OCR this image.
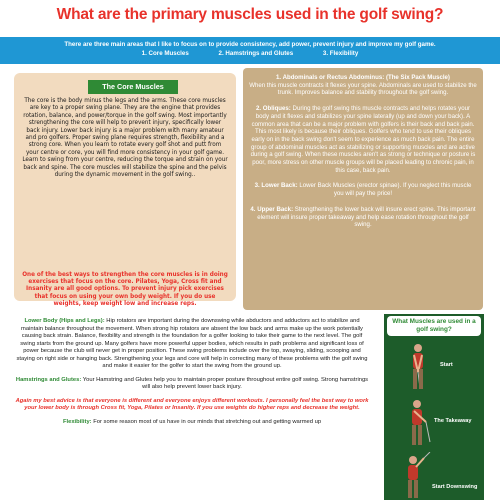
What are the primary muscles used in the golf swing?
There are three main areas that I like to focus on to provide consistency, add power, prevent injury and improve my golf game.
1. Core Muscles	2. Hamstrings and Glutes	3. Flexibility
The Core Muscles
The core is the body minus the legs and the arms. These core muscles are key to a proper swing plane. They are the engine that provides rotation, balance, and power/torque in the golf swing. Most importantly strengthening the core will help to prevent injury, specifically lower back injury. Lower back injury is a major problem with many amateur and pro golfers. Proper swing plane requires strength, flexibility and a strong core. When you learn to rotate every golf shot and putt from your centre or core, you will find more consistency in your golf game. Learn to swing from your centre, reducing the torque and strain on your back and spine. The core muscles will stabilize the spine and the pelvis during the dynamic movement in the golf swing..
One of the best ways to strengthen the core muscles is in doing exercises that focus on the core. Pilates, Yoga, Cross fit and Insanity are all good options. To prevent injury pick exercises that focus on using your own body weight. If you do use weights, keep weight low and increase reps.

1. Abdominals or Rectus Abdominus: (The Six Pack Muscle)
When this muscle contracts it flexes your spine. Abdominals are used to stabilize the trunk. Improves balance and stability throughout the golf swing.

2. Obliques: During the golf swing this muscle contracts and helps rotates your body and it flexes and stabilizes your spine laterally (up and down your back). A common area that can be a major problem with golfers is their back and back pain. This most likely is because their obliques. Golfers who tend to use their obliques early on in the back swing don't seem to experience as much back pain. The entire group of abdominal muscles act as stabilizing or supporting muscles and are active during a golf swing. When these muscles aren't as strong or technique or posture is poor, more stress on other muscle groups will be placed leading to chronic pain, in this case, back pain.

3. Lower Back: Lower Back Muscles (erector spinae). If you neglect this muscle you will pay the price!

4. Upper Back: Strengthening the lower back will insure erect spine. This important element will insure proper takeaway and help ease rotation throughout the golf swing.

Lower Body (Hips and Legs): Hip rotators are important during the downswing while abductors and adductors act to stabilize and maintain balance throughout the movement. When strong hip rotators are absent the low back and arms make up the work potentially causing back strain. Balance, flexibility and strength is the foundation for a golfer looking to take their game to the next level. The golf swing starts from the ground up. Many golfers have more powerful upper bodies, which results in path problems and significant loss of power because the club will never get in proper position. These swing problems include over the top, swaying, sliding, scooping and staying on right side or hanging back. Strengthening your legs and core will help in correcting many of these problems with the golf swing and make it easier for the golfer to start the swing from the ground up.

Hamstrings and Glutes: Your Hamstring and Glutes help you to maintain proper posture throughout entire golf swing. Strong hamstrings will also help prevent lower back injury.

Again my best advice is that everyone is different and everyone enjoys different workouts. I personally feel the best way to work your lower body is through Cross fit, Yoga, Pilates or Insanity. If you use weights do higher reps and decrease the weight.

Flexibility: For some reason most of us have in our minds that stretching out and getting warmed up

What Muscles are used in a golf swing?
Start
The Takeaway
Start Downswing
